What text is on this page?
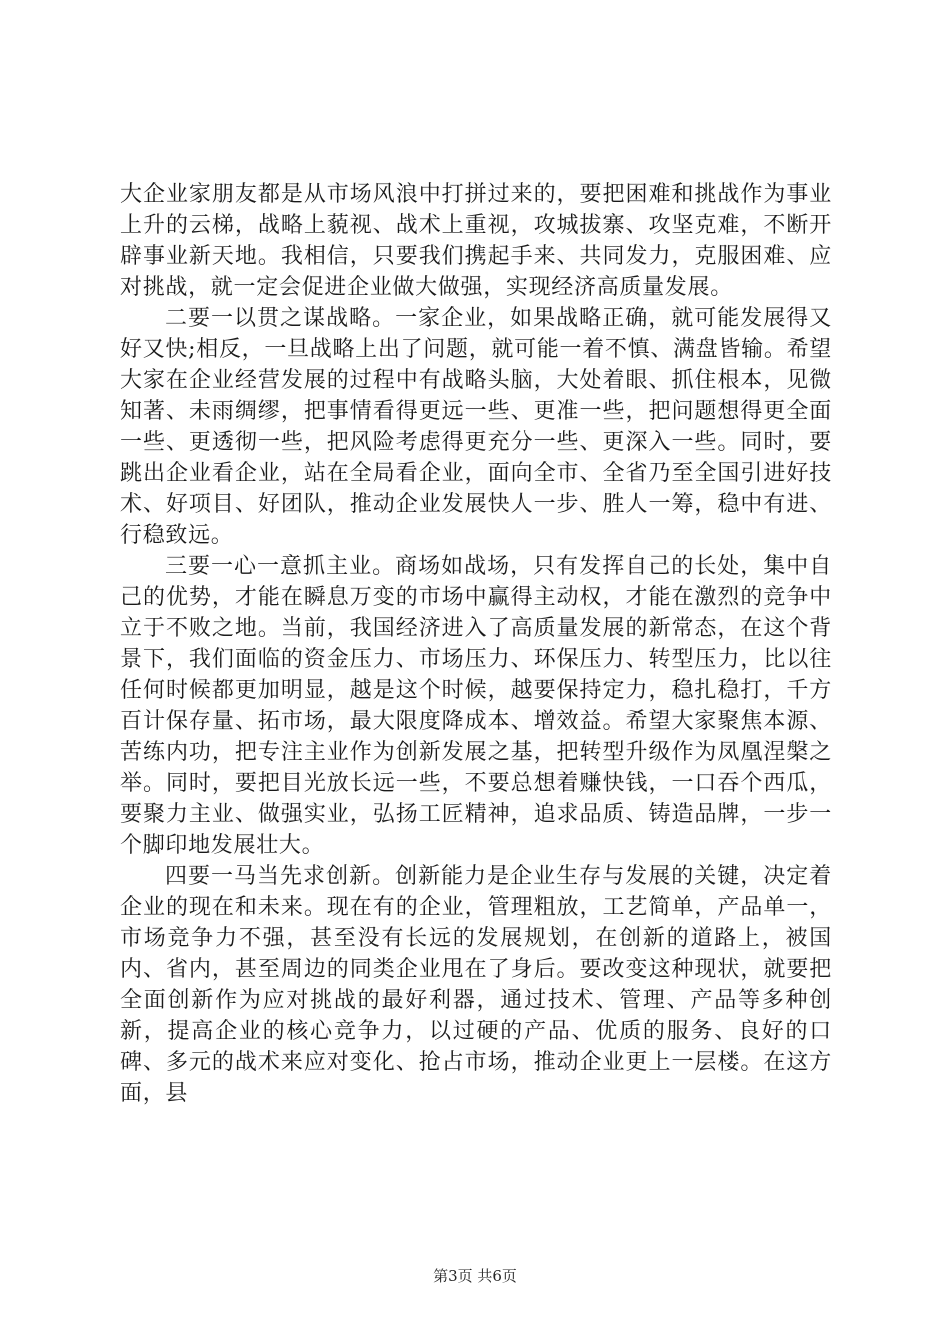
大企业家朋友都是从市场风浪中打拼过来的，要把困难和挑战作为事业上升的云梯，战略上藐视、战术上重视，攻城拔寨、攻坚克难，不断开辟事业新天地。我相信，只要我们携起手来、共同发力，克服困难、应对挑战，就一定会促进企业做大做强，实现经济高质量发展。

二要一以贯之谋战略。一家企业，如果战略正确，就可能发展得又好又快;相反，一旦战略上出了问题，就可能一着不慎、满盘皆输。希望大家在企业经营发展的过程中有战略头脑，大处着眼、抓住根本，见微知著、未雨绸缪，把事情看得更远一些、更准一些，把问题想得更全面一些、更透彻一些，把风险考虑得更充分一些、更深入一些。同时，要跳出企业看企业，站在全局看企业，面向全市、全省乃至全国引进好技术、好项目、好团队，推动企业发展快人一步、胜人一筹，稳中有进、行稳致远。

三要一心一意抓主业。商场如战场，只有发挥自己的长处，集中自己的优势，才能在瞬息万变的市场中赢得主动权，才能在激烈的竞争中立于不败之地。当前，我国经济进入了高质量发展的新常态，在这个背景下，我们面临的资金压力、市场压力、环保压力、转型压力，比以往任何时候都更加明显，越是这个时候，越要保持定力，稳扎稳打，千方百计保存量、拓市场，最大限度降成本、增效益。希望大家聚焦本源、苦练内功，把专注主业作为创新发展之基，把转型升级作为凤凰涅槃之举。同时，要把目光放长远一些，不要总想着赚快钱，一口吞个西瓜，要聚力主业、做强实业，弘扬工匠精神，追求品质、铸造品牌，一步一个脚印地发展壮大。

四要一马当先求创新。创新能力是企业生存与发展的关键，决定着企业的现在和未来。现在有的企业，管理粗放，工艺简单，产品单一，市场竞争力不强，甚至没有长远的发展规划，在创新的道路上，被国内、省内，甚至周边的同类企业甩在了身后。要改变这种现状，就要把全面创新作为应对挑战的最好利器，通过技术、管理、产品等多种创新，提高企业的核心竞争力，以过硬的产品、优质的服务、良好的口碑、多元的战术来应对变化、抢占市场，推动企业更上一层楼。在这方面，县

第3页 共6页
